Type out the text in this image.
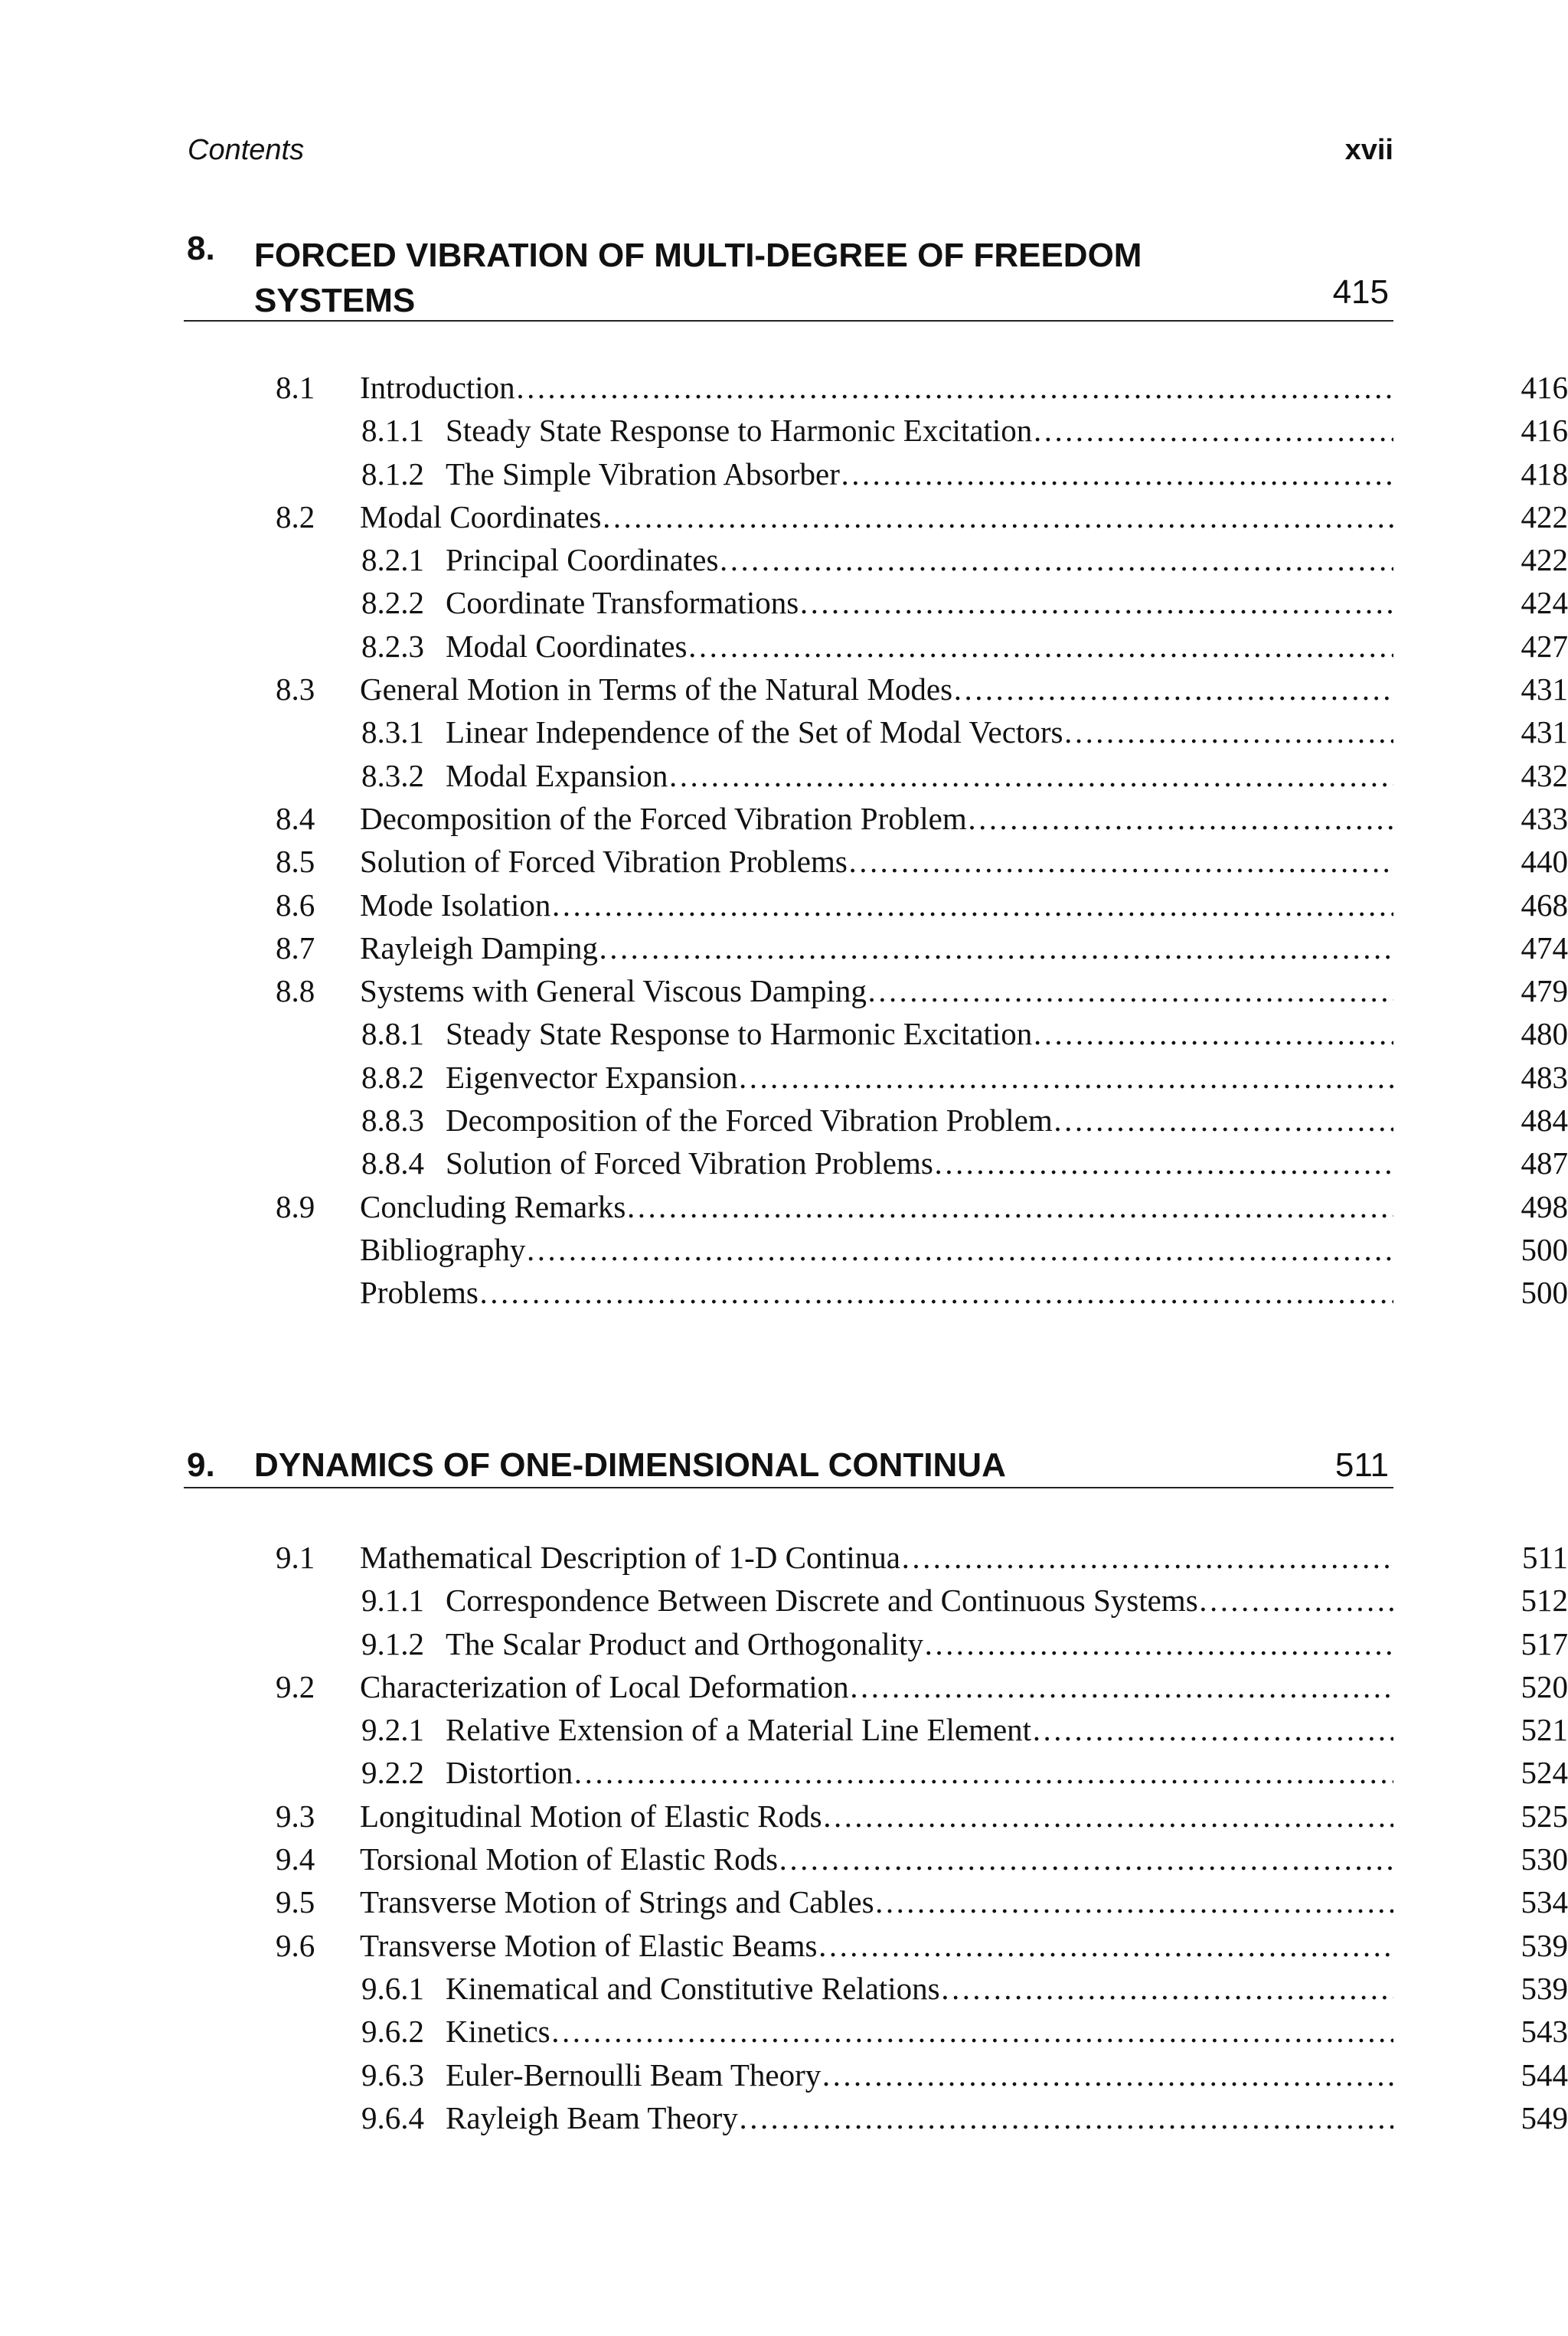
Contents	xvii
8. FORCED VIBRATION OF MULTI-DEGREE OF FREEDOM
SYSTEMS	415
8.1 Introduction ……………………………………………………………………………………………………………………………………………………………………	416
8.1.1 Steady State Response to Harmonic Excitation ……………………………………………………………………………………………………………………………………………………………………	416
8.1.2 The Simple Vibration Absorber ……………………………………………………………………………………………………………………………………………………………………	418
8.2 Modal Coordinates ……………………………………………………………………………………………………………………………………………………………………	422
8.2.1 Principal Coordinates ……………………………………………………………………………………………………………………………………………………………………	422
8.2.2 Coordinate Transformations ……………………………………………………………………………………………………………………………………………………………………	424
8.2.3 Modal Coordinates ……………………………………………………………………………………………………………………………………………………………………	427
8.3 General Motion in Terms of the Natural Modes ……………………………………………………………………………………………………………………………………………………………………	431
8.3.1 Linear Independence of the Set of Modal Vectors ……………………………………………………………………………………………………………………………………………………………………	431
8.3.2 Modal Expansion ……………………………………………………………………………………………………………………………………………………………………	432
8.4 Decomposition of the Forced Vibration Problem ……………………………………………………………………………………………………………………………………………………………………	433
8.5 Solution of Forced Vibration Problems ……………………………………………………………………………………………………………………………………………………………………	440
8.6 Mode Isolation ……………………………………………………………………………………………………………………………………………………………………	468
8.7 Rayleigh Damping ……………………………………………………………………………………………………………………………………………………………………	474
8.8 Systems with General Viscous Damping ……………………………………………………………………………………………………………………………………………………………………	479
8.8.1 Steady State Response to Harmonic Excitation ……………………………………………………………………………………………………………………………………………………………………	480
8.8.2 Eigenvector Expansion ……………………………………………………………………………………………………………………………………………………………………	483
8.8.3 Decomposition of the Forced Vibration Problem ……………………………………………………………………………………………………………………………………………………………………	484
8.8.4 Solution of Forced Vibration Problems ……………………………………………………………………………………………………………………………………………………………………	487
8.9 Concluding Remarks ……………………………………………………………………………………………………………………………………………………………………	498
Bibliography ……………………………………………………………………………………………………………………………………………………………………	500
Problems ……………………………………………………………………………………………………………………………………………………………………	500
9. DYNAMICS OF ONE-DIMENSIONAL CONTINUA	511
9.1 Mathematical Description of 1-D Continua ……………………………………………………………………………………………………………………………………………………………………	511
9.1.1 Correspondence Between Discrete and Continuous Systems ……………………………………………………………………………………………………………………………………………………………………	512
9.1.2 The Scalar Product and Orthogonality ……………………………………………………………………………………………………………………………………………………………………	517
9.2 Characterization of Local Deformation ……………………………………………………………………………………………………………………………………………………………………	520
9.2.1 Relative Extension of a Material Line Element ……………………………………………………………………………………………………………………………………………………………………	521
9.2.2 Distortion ……………………………………………………………………………………………………………………………………………………………………	524
9.3 Longitudinal Motion of Elastic Rods ……………………………………………………………………………………………………………………………………………………………………	525
9.4 Torsional Motion of Elastic Rods ……………………………………………………………………………………………………………………………………………………………………	530
9.5 Transverse Motion of Strings and Cables ……………………………………………………………………………………………………………………………………………………………………	534
9.6 Transverse Motion of Elastic Beams ……………………………………………………………………………………………………………………………………………………………………	539
9.6.1 Kinematical and Constitutive Relations ……………………………………………………………………………………………………………………………………………………………………	539
9.6.2 Kinetics ……………………………………………………………………………………………………………………………………………………………………	543
9.6.3 Euler-Bernoulli Beam Theory ……………………………………………………………………………………………………………………………………………………………………	544
9.6.4 Rayleigh Beam Theory ……………………………………………………………………………………………………………………………………………………………………	549
